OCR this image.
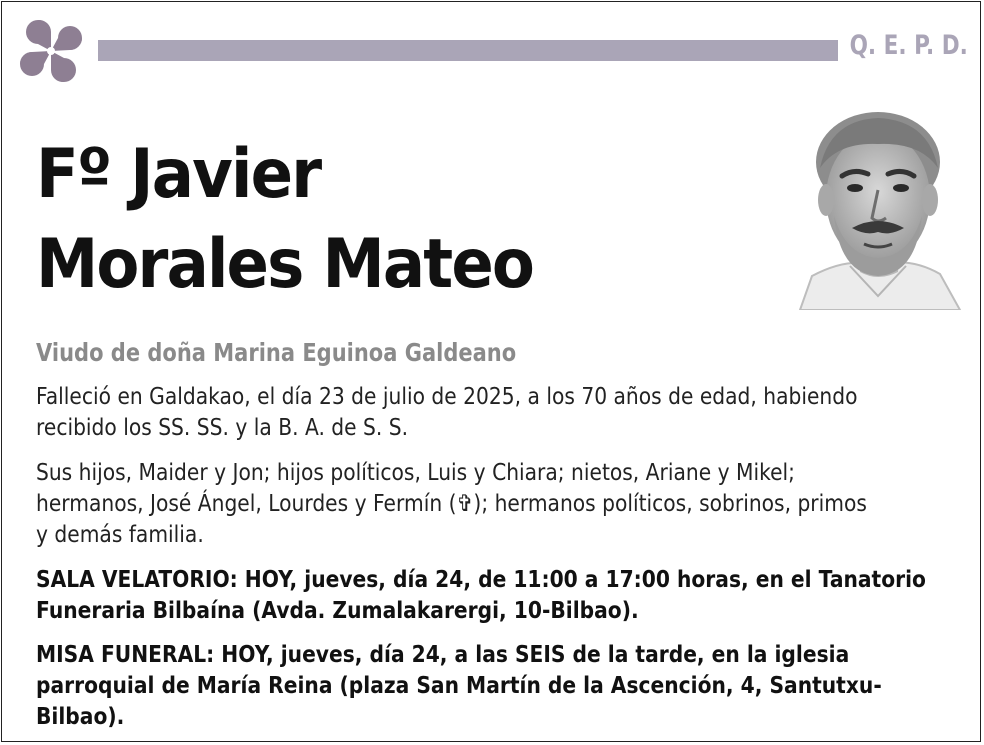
Q. E. P. D.
Fº Javier
Morales Mateo
Viudo de doña Marina Eguinoa Galdeano
Falleció en Galdakao, el día 23 de julio de 2025, a los 70 años de edad, habiendo
recibido los SS. SS. y la B. A. de S. S.
Sus hijos, Maider y Jon; hijos políticos, Luis y Chiara; nietos, Ariane y Mikel;
hermanos, José Ángel, Lourdes y Fermín (✞); hermanos políticos, sobrinos, primos
y demás familia.
SALA VELATORIO: HOY, jueves, día 24, de 11:00 a 17:00 horas, en el Tanatorio
Funeraria Bilbaína (Avda. Zumalakarergi, 10-Bilbao).
MISA FUNERAL: HOY, jueves, día 24, a las SEIS de la tarde, en la iglesia
parroquial de María Reina (plaza San Martín de la Ascención, 4, Santutxu-
Bilbao).
